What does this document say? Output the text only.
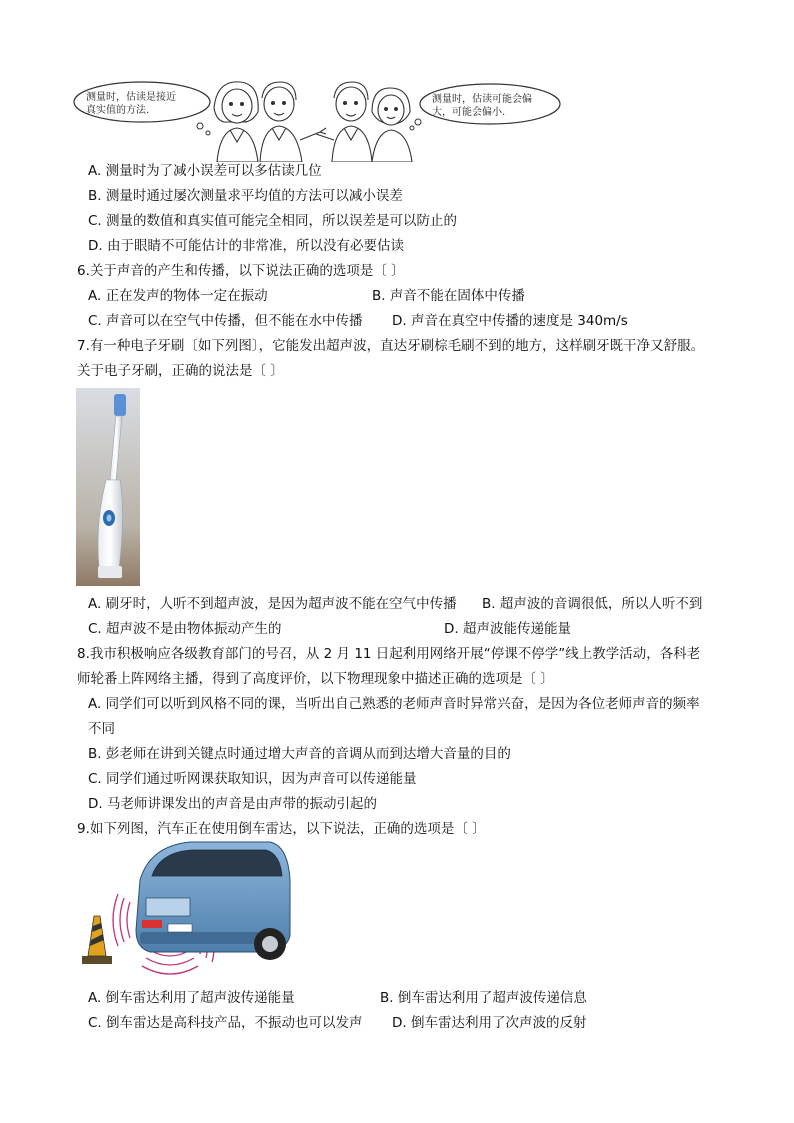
测量时，估读是接近
真实值的方法.
测量时，估读可能会偏
大，可能会偏小.
A. 测量时为了减小误差可以多估读几位
B. 测量时通过屡次测量求平均值的方法可以减小误差
C. 测量的数值和真实值可能完全相同，所以误差是可以防止的
D. 由于眼睛不可能估计的非常准，所以没有必要估读
6.关于声音的产生和传播，以下说法正确的选项是〔 〕
A. 正在发声的物体一定在振动	B. 声音不能在固体中传播
C. 声音可以在空气中传播，但不能在水中传播 D. 声音在真空中传播的速度是 340m/s
7.有一种电子牙刷〔如下列图〕，它能发出超声波，直达牙刷棕毛刷不到的地方，这样刷牙既干净又舒服。
关于电子牙刷，正确的说法是〔 〕
A. 刷牙时，人听不到超声波，是因为超声波不能在空气中传播 B. 超声波的音调很低，所以人听不到
C. 超声波不是由物体振动产生的	D. 超声波能传递能量
8.我市积极响应各级教育部门的号召，从 2 月 11 日起利用网络开展“停课不停学”线上教学活动，各科老
师轮番上阵网络主播，得到了高度评价，以下物理现象中描述正确的选项是〔 〕
A. 同学们可以听到风格不同的课，当听出自己熟悉的老师声音时异常兴奋，是因为各位老师声音的频率
不同
B. 彭老师在讲到关键点时通过增大声音的音调从而到达增大音量的目的
C. 同学们通过听网课获取知识，因为声音可以传递能量
D. 马老师讲课发出的声音是由声带的振动引起的
9.如下列图，汽车正在使用倒车雷达，以下说法，正确的选项是〔 〕
A. 倒车雷达利用了超声波传递能量	B. 倒车雷达利用了超声波传递信息
C. 倒车雷达是高科技产品，不振动也可以发声 D. 倒车雷达利用了次声波的反射
